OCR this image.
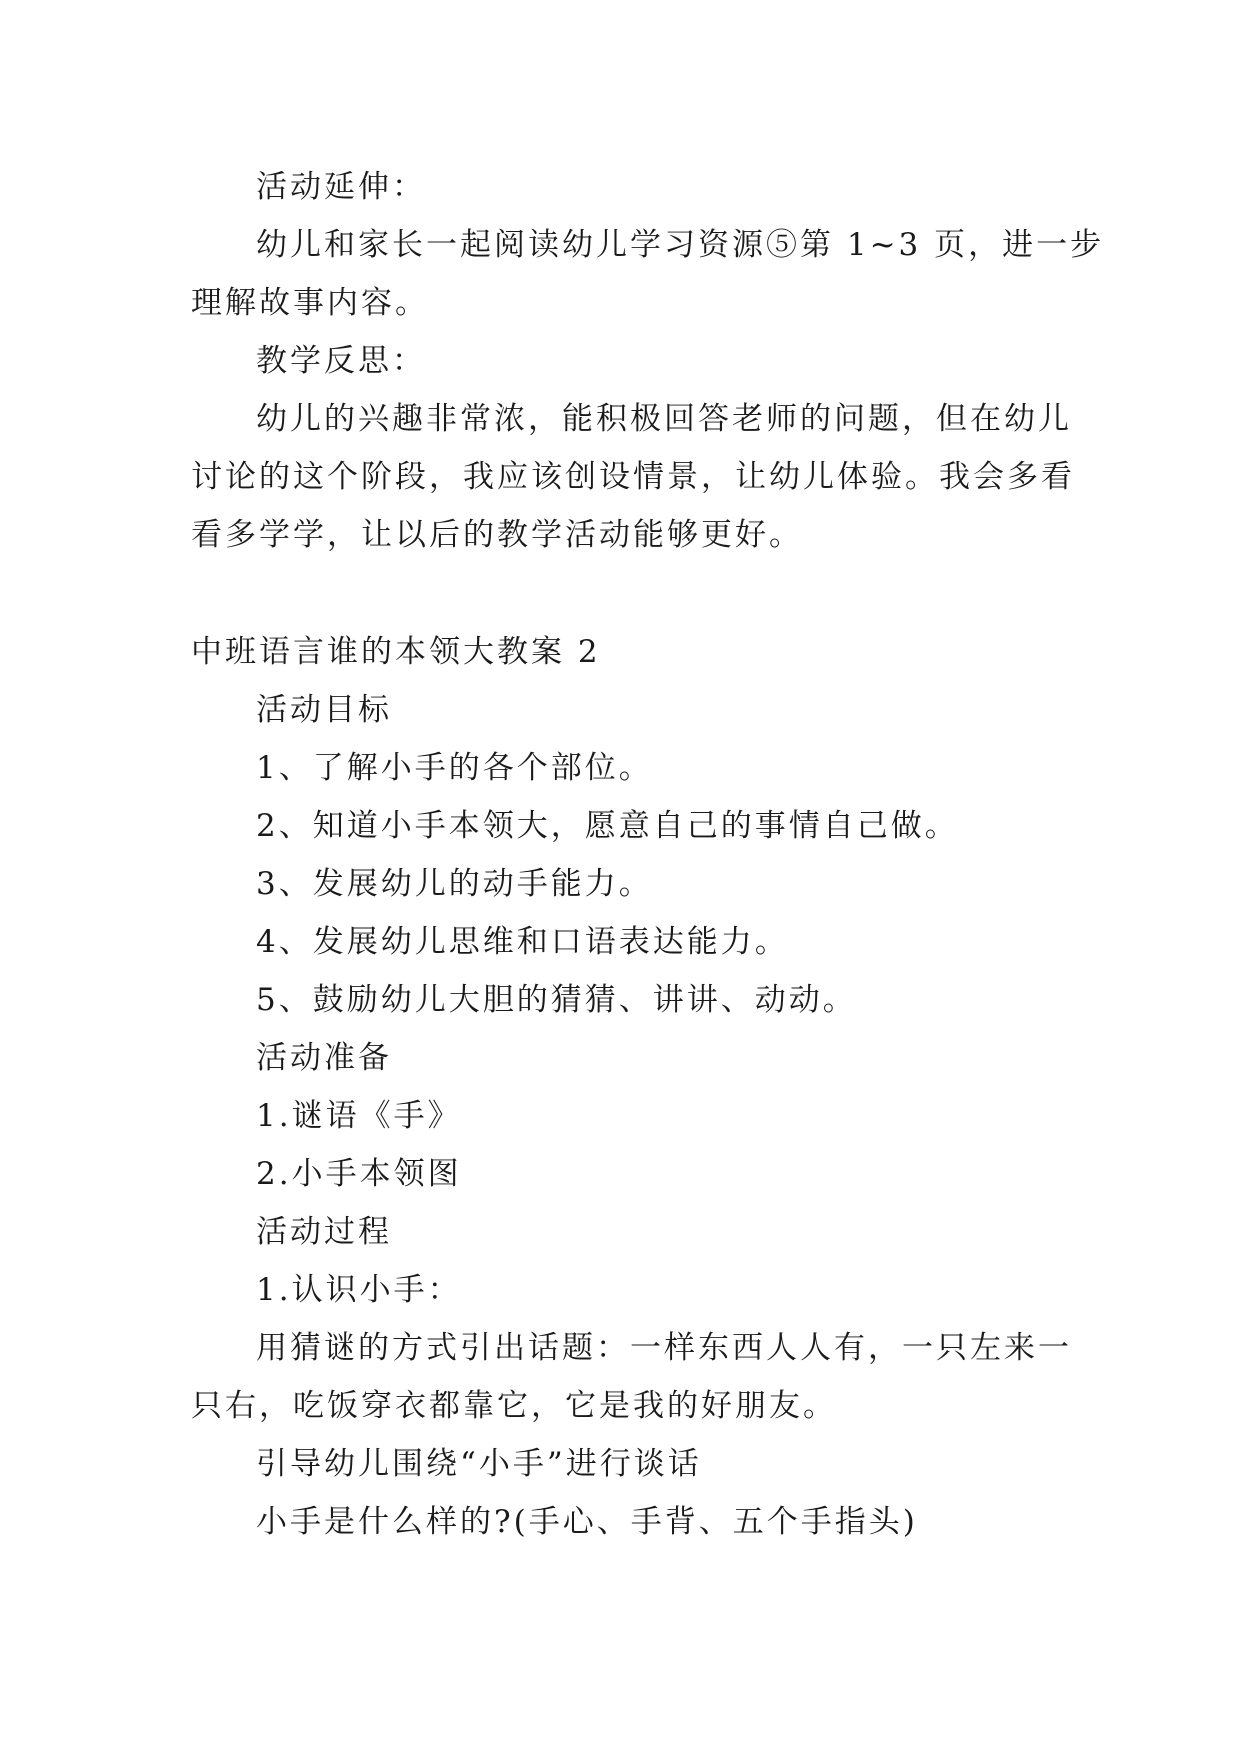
活动延伸：
幼儿和家长一起阅读幼儿学习资源⑤第 1~3 页，进一步
理解故事内容。
教学反思：
幼儿的兴趣非常浓，能积极回答老师的问题，但在幼儿
讨论的这个阶段，我应该创设情景，让幼儿体验。我会多看
看多学学，让以后的教学活动能够更好。
中班语言谁的本领大教案 2
活动目标
1、了解小手的各个部位。
2、知道小手本领大，愿意自己的事情自己做。
3、发展幼儿的动手能力。
4、发展幼儿思维和口语表达能力。
5、鼓励幼儿大胆的猜猜、讲讲、动动。
活动准备
1.谜语《手》
2.小手本领图
活动过程
1.认识小手：
用猜谜的方式引出话题：一样东西人人有，一只左来一
只右，吃饭穿衣都靠它，它是我的好朋友。
引导幼儿围绕“小手”进行谈话
小手是什么样的?(手心、手背、五个手指头)
